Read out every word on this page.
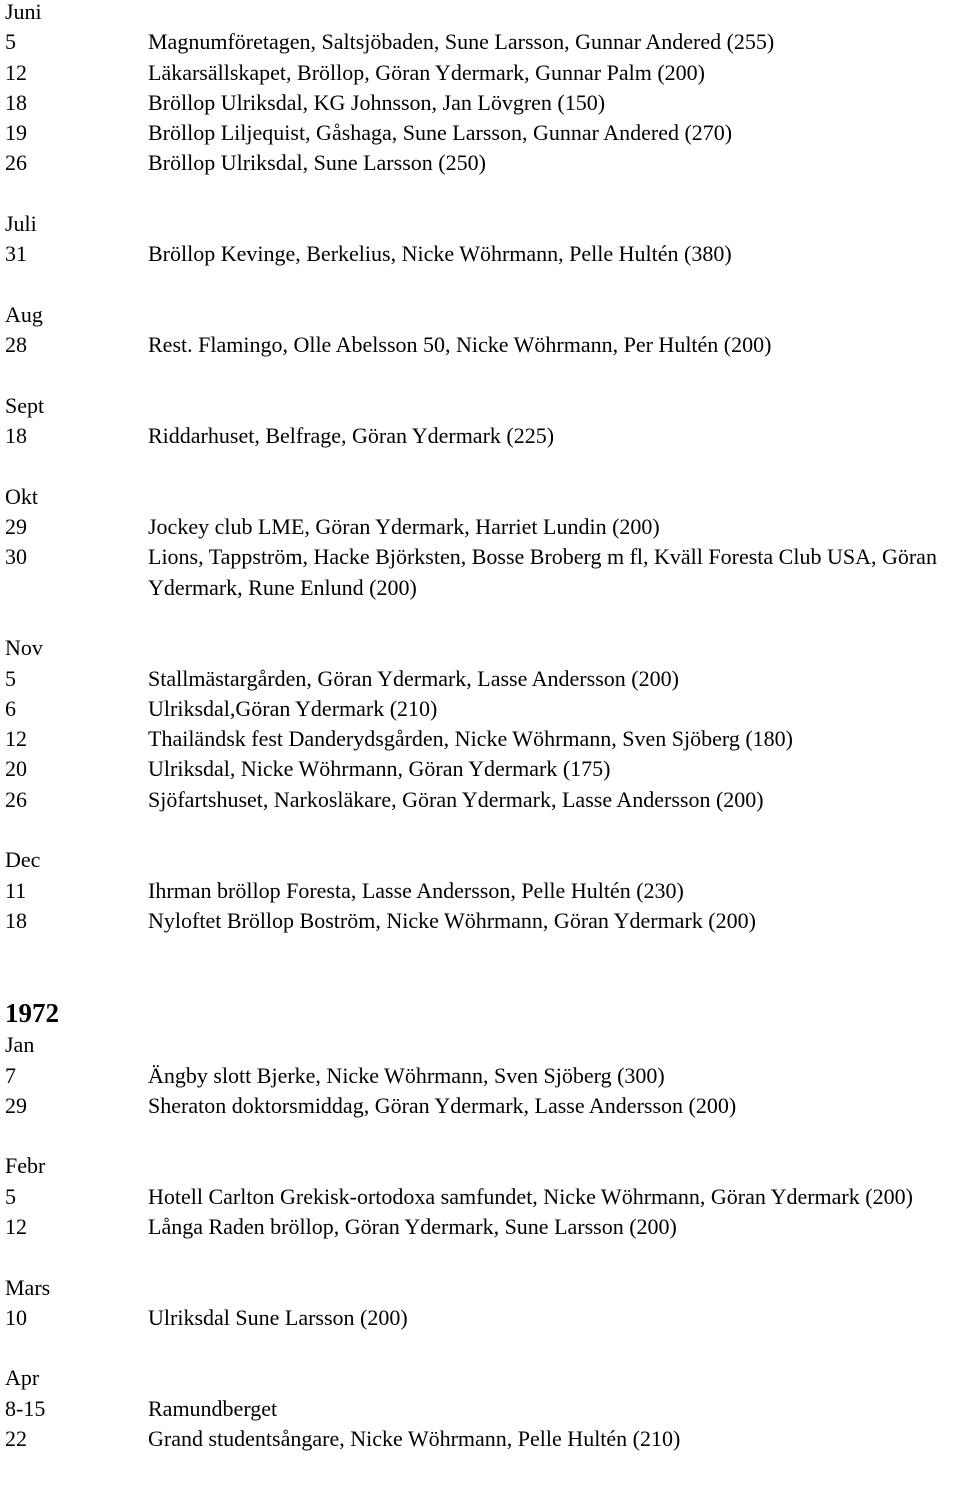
Juni
5	Magnumföretagen, Saltsjöbaden, Sune Larsson, Gunnar Andered (255)
12	Läkarsällskapet, Bröllop, Göran Ydermark, Gunnar Palm (200)
18	Bröllop Ulriksdal, KG Johnsson, Jan Lövgren (150)
19	Bröllop Liljequist, Gåshaga, Sune Larsson, Gunnar Andered (270)
26	Bröllop Ulriksdal, Sune Larsson (250)
Juli
31	Bröllop Kevinge, Berkelius, Nicke Wöhrmann, Pelle Hultén (380)
Aug
28	Rest. Flamingo, Olle Abelsson 50, Nicke Wöhrmann, Per Hultén (200)
Sept
18	Riddarhuset, Belfrage, Göran Ydermark (225)
Okt
29	Jockey club LME, Göran Ydermark, Harriet Lundin (200)
30	Lions, Tappström, Hacke Björksten, Bosse Broberg m fl, Kväll Foresta Club USA, Göran Ydermark, Rune Enlund (200)
Nov
5	Stallmästargården, Göran Ydermark, Lasse Andersson (200)
6	Ulriksdal,Göran Ydermark (210)
12	Thailändsk fest Danderydsgården, Nicke Wöhrmann, Sven Sjöberg (180)
20	Ulriksdal, Nicke Wöhrmann, Göran Ydermark (175)
26	Sjöfartshuset, Narkosläkare, Göran Ydermark, Lasse Andersson (200)
Dec
11	Ihrman bröllop Foresta, Lasse Andersson, Pelle Hultén (230)
18	Nyloftet Bröllop Boström, Nicke Wöhrmann, Göran Ydermark (200)
1972
Jan
7	Ängby slott Bjerke, Nicke Wöhrmann, Sven Sjöberg (300)
29	Sheraton doktorsmiddag, Göran Ydermark, Lasse Andersson (200)
Febr
5	Hotell Carlton Grekisk-ortodoxa samfundet, Nicke Wöhrmann, Göran Ydermark (200)
12	Långa Raden bröllop, Göran Ydermark, Sune Larsson (200)
Mars
10	Ulriksdal Sune Larsson (200)
Apr
8-15	Ramundberget
22	Grand studentsångare, Nicke Wöhrmann, Pelle Hultén (210)
